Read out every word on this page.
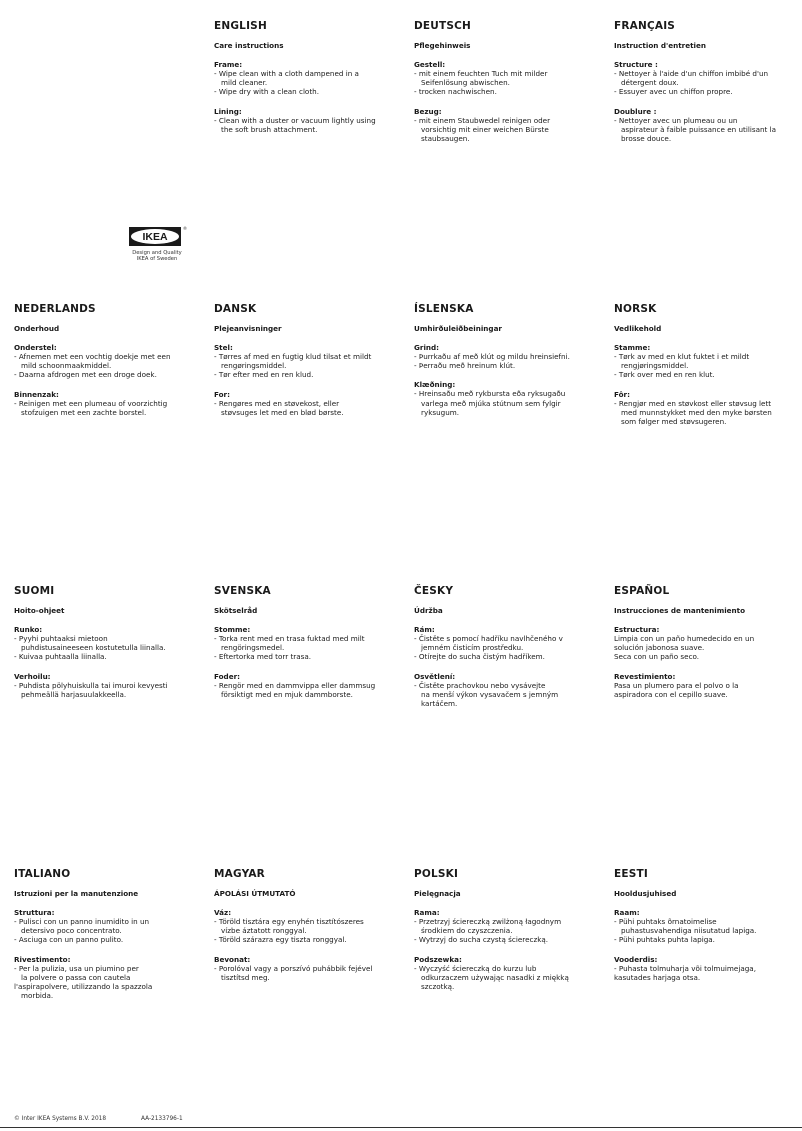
ENGLISH
Care instructions
Frame:
- Wipe clean with a cloth dampened in a
mild cleaner.
- Wipe dry with a clean cloth.
Lining:
- Clean with a duster or vacuum lightly using
the soft brush attachment.
DEUTSCH
Pflegehinweis
Gestell:
- mit einem feuchten Tuch mit milder
Seifenlösung abwischen.
- trocken nachwischen.
Bezug:
- mit einem Staubwedel reinigen oder
vorsichtig mit einer weichen Bürste
staubsaugen.
FRANÇAIS
Instruction d'entretien
Structure :
- Nettoyer à l'aide d'un chiffon imbibé d'un
détergent doux.
- Essuyer avec un chiffon propre.
Doublure :
- Nettoyer avec un plumeau ou un
aspirateur à faible puissance en utilisant la
brosse douce.
NEDERLANDS
Onderhoud
Onderstel:
- Afnemen met een vochtig doekje met een
mild schoonmaakmiddel.
- Daarna afdrogen met een droge doek.
Binnenzak:
- Reinigen met een plumeau of voorzichtig
stofzuigen met een zachte borstel.
DANSK
Plejeanvisninger
Stel:
- Tørres af med en fugtig klud tilsat et mildt
rengøringsmiddel.
- Tør efter med en ren klud.
For:
- Rengøres med en støvekost, eller
støvsuges let med en blød børste.
ÍSLENSKA
Umhirðuleiðbeiningar
Grind:
- Þurrkaðu af með klút og mildu hreinsiefni.
- Þerraðu með hreinum klút.
Klæðning:
- Hreinsaðu með rykbursta eða ryksugaðu
varlega með mjúka stútnum sem fylgir
ryksugum.
NORSK
Vedlikehold
Stamme:
- Tørk av med en klut fuktet i et mildt
rengjøringsmiddel.
- Tørk over med en ren klut.
Fôr:
- Rengjør med en støvkost eller støvsug lett
med munnstykket med den myke børsten
som følger med støvsugeren.
SUOMI
Hoito-ohjeet
Runko:
- Pyyhi puhtaaksi mietoon
puhdistusaineeseen kostutetulla liinalla.
- Kuivaa puhtaalla liinalla.
Verhoilu:
- Puhdista pölyhuiskulla tai imuroi kevyesti
pehmeällä harjasuulakkeella.
SVENSKA
Skötselråd
Stomme:
- Torka rent med en trasa fuktad med milt
rengöringsmedel.
- Eftertorka med torr trasa.
Foder:
- Rengör med en dammvippa eller dammsug
försiktigt med en mjuk dammborste.
ČESKY
Údržba
Rám:
- Čistěte s pomocí hadříku navlhčeného v
jemném čisticím prostředku.
- Otírejte do sucha čistým hadříkem.
Osvětlení:
- Čistěte prachovkou nebo vysávejte
na menší výkon vysavačem s jemným
kartáčem.
ESPAÑOL
Instrucciones de mantenimiento
Estructura:
Limpia con un paño humedecido en un
solución jabonosa suave.
Seca con un paño seco.
Revestimiento:
Pasa un plumero para el polvo o la
aspiradora con el cepillo suave.
ITALIANO
Istruzioni per la manutenzione
Struttura:
- Pulisci con un panno inumidito in un
detersivo poco concentrato.
- Asciuga con un panno pulito.
Rivestimento:
- Per la pulizia, usa un piumino per
la polvere o passa con cautela
l'aspirapolvere, utilizzando la spazzola
morbida.
MAGYAR
ÁPOLÁSI ÚTMUTATÓ
Váz:
- Töröld tisztára egy enyhén tisztítószeres
vízbe áztatott ronggyal.
- Töröld szárazra egy tiszta ronggyal.
Bevonat:
- Porolóval vagy a porszívó puhábbik fejével
tisztítsd meg.
POLSKI
Pielęgnacja
Rama:
- Przetrzyj ściereczką zwilżoną łagodnym
środkiem do czyszczenia.
- Wytrzyj do sucha czystą ściereczką.
Podszewka:
- Wyczyść ściereczką do kurzu lub
odkurzaczem używając nasadki z miękką
szczotką.
EESTI
Hooldusjuhised
Raam:
- Pühi puhtaks õrnatoimelise
puhastusvahendiga niisutatud lapiga.
- Pühi puhtaks puhta lapiga.
Vooderdis:
- Puhasta tolmuharja või tolmuimejaga,
kasutades harjaga otsa.
IKEA
®
Design and Quality
IKEA of Sweden
© Inter IKEA Systems B.V. 2018	AA-2133796-1
